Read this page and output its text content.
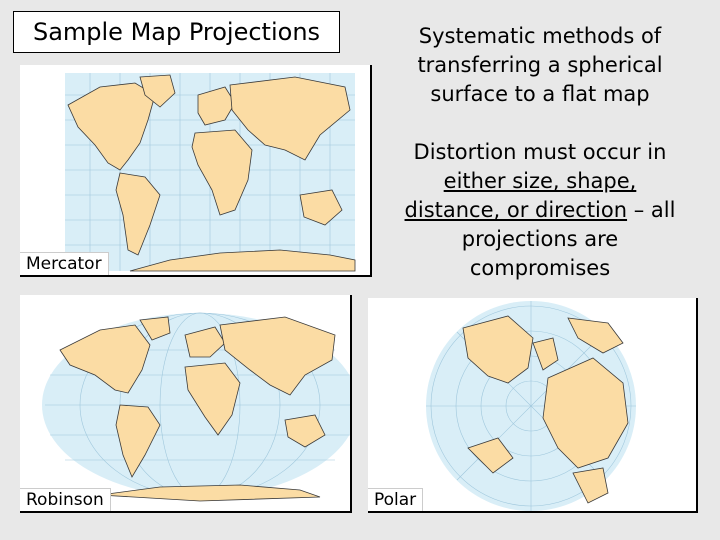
Sample Map Projections	Systematic methods of
transferring a spherical
surface to a flat map
Distortion must occur in
either size, shape,
distance, or direction – all
projections are
compromises
Mercator
Robinson	Polar
